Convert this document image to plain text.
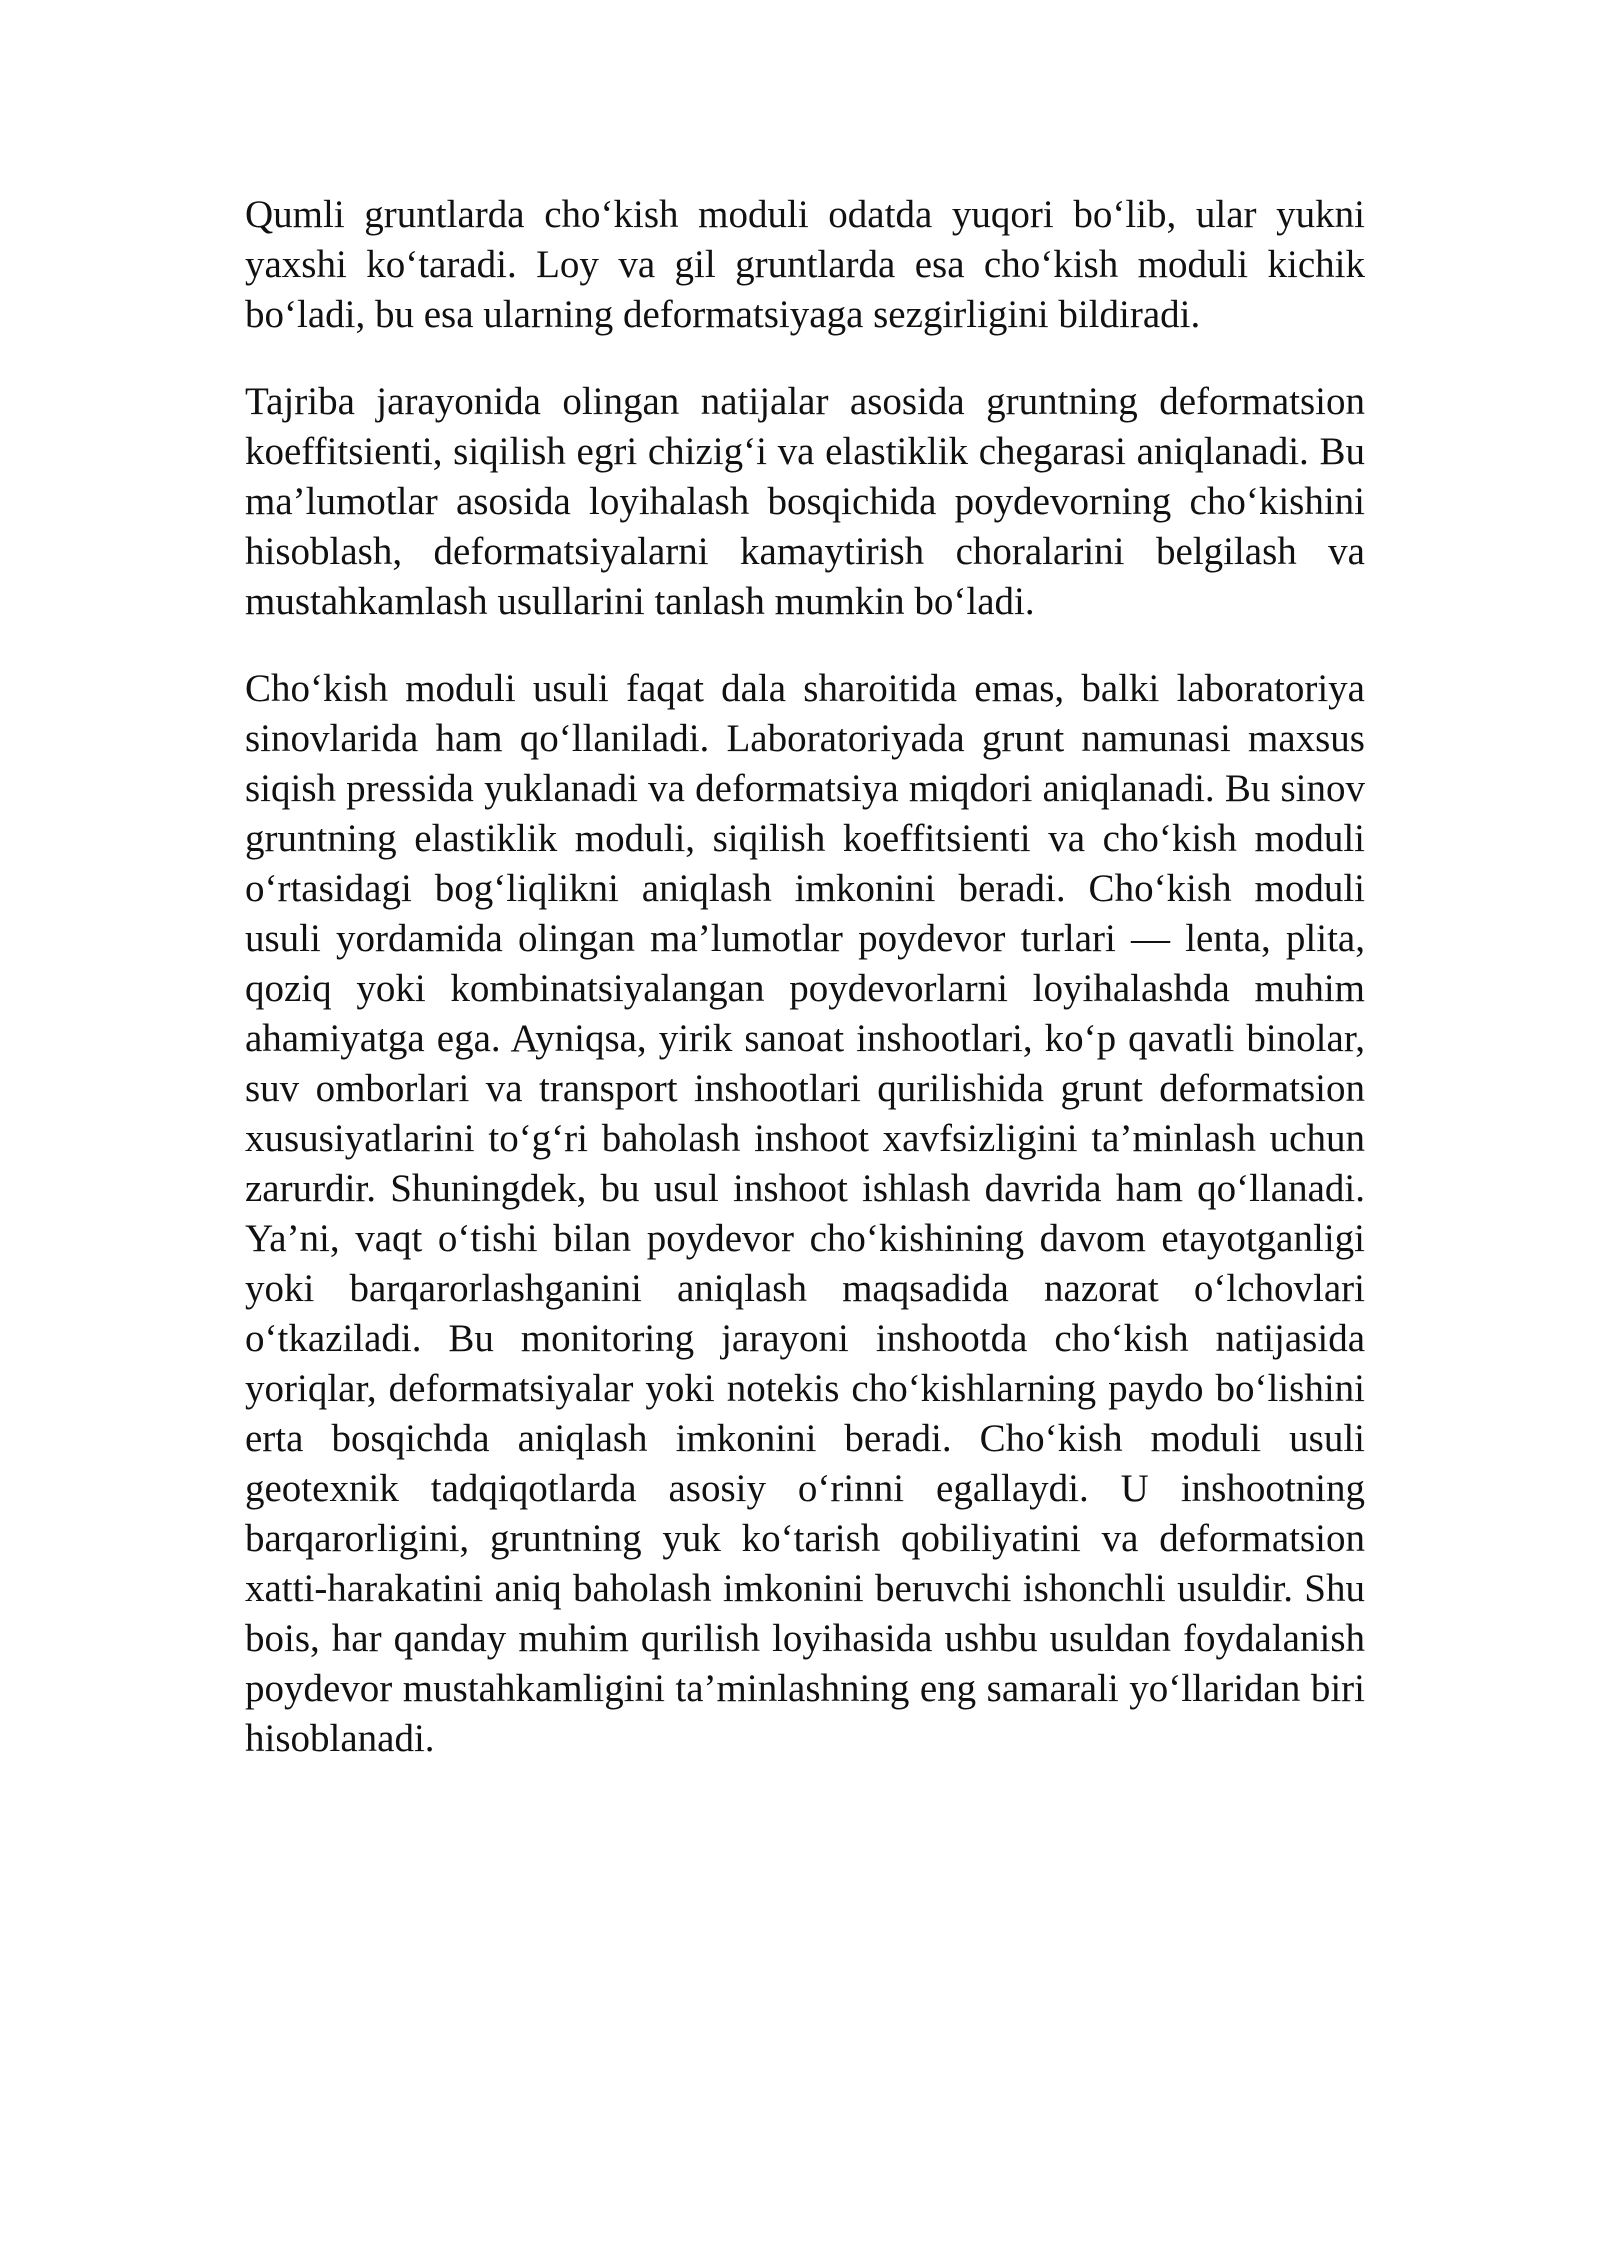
Qumli gruntlarda cho‘kish moduli odatda yuqori bo‘lib, ular yukni yaxshi ko‘taradi. Loy va gil gruntlarda esa cho‘kish moduli kichik bo‘ladi, bu esa ularning deformatsiyaga sezgirligini bildiradi.

Tajriba jarayonida olingan natijalar asosida gruntning deformatsion koeffitsienti, siqilish egri chizig‘i va elastiklik chegarasi aniqlanadi. Bu ma’lumotlar asosida loyihalash bosqichida poydevorning cho‘kishini hisoblash, deformatsiyalarni kamaytirish choralarini belgilash va mustahkamlash usullarini tanlash mumkin bo‘ladi.

Cho‘kish moduli usuli faqat dala sharoitida emas, balki laboratoriya sinovlarida ham qo‘llaniladi. Laboratoriyada grunt namunasi maxsus siqish pressida yuklanadi va deformatsiya miqdori aniqlanadi. Bu sinov gruntning elastiklik moduli, siqilish koeffitsienti va cho‘kish moduli o‘rtasidagi bog‘liqlikni aniqlash imkonini beradi. Cho‘kish moduli usuli yordamida olingan ma’lumotlar poydevor turlari — lenta, plita, qoziq yoki kombinatsiyalangan poydevorlarni loyihalashda muhim ahamiyatga ega. Ayniqsa, yirik sanoat inshootlari, ko‘p qavatli binolar, suv omborlari va transport inshootlari qurilishida grunt deformatsion xususiyatlarini to‘g‘ri baholash inshoot xavfsizligini ta’minlash uchun zarurdir. Shuningdek, bu usul inshoot ishlash davrida ham qo‘llanadi. Ya’ni, vaqt o‘tishi bilan poydevor cho‘kishining davom etayotganligi yoki barqarorlashganini aniqlash maqsadida nazorat o‘lchovlari o‘tkaziladi. Bu monitoring jarayoni inshootda cho‘kish natijasida yoriqlar, deformatsiyalar yoki notekis cho‘kishlarning paydo bo‘lishini erta bosqichda aniqlash imkonini beradi. Cho‘kish moduli usuli geotexnik tadqiqotlarda asosiy o‘rinni egallaydi. U inshootning barqarorligini, gruntning yuk ko‘tarish qobiliyatini va deformatsion xatti-harakatini aniq baholash imkonini beruvchi ishonchli usuldir. Shu bois, har qanday muhim qurilish loyihasida ushbu usuldan foydalanish poydevor mustahkamligini ta’minlashning eng samarali yo‘llaridan biri hisoblanadi.
